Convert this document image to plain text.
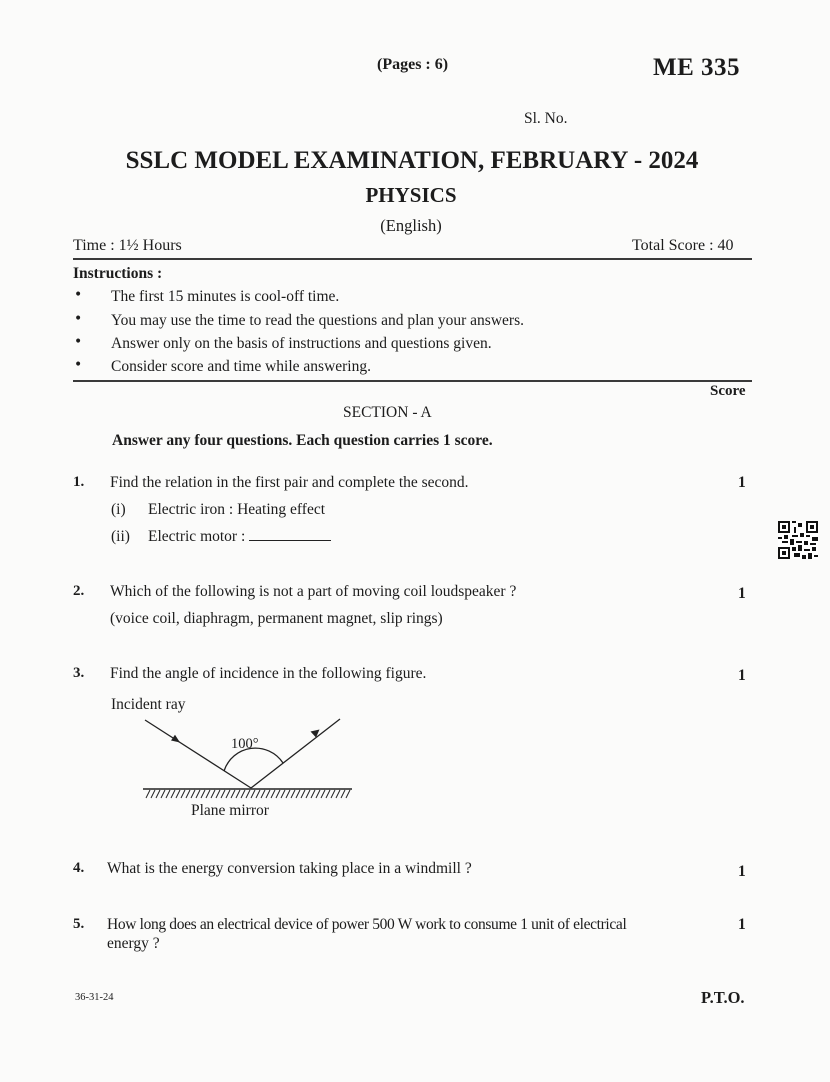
(Pages : 6)	ME 335
Sl. No.
SSLC MODEL EXAMINATION, FEBRUARY - 2024
PHYSICS
(English)
Time : 1½ Hours	Total Score : 40
Instructions :
• The first 15 minutes is cool-off time.
• You may use the time to read the questions and plan your answers.
• Answer only on the basis of instructions and questions given.
• Consider score and time while answering.
Score
SECTION - A
Answer any four questions. Each question carries 1 score.
1. Find the relation in the first pair and complete the second.	1
(i) Electric iron : Heating effect
(ii) Electric motor :
2. Which of the following is not a part of moving coil loudspeaker ?	1
(voice coil, diaphragm, permanent magnet, slip rings)
3. Find the angle of incidence in the following figure.	1
Incident ray
100°
Plane mirror
4. What is the energy conversion taking place in a windmill ?	1
5. How long does an electrical device of power 500 W work to consume 1 unit of electrical
energy ?
1
36-31-24	P.T.O.
